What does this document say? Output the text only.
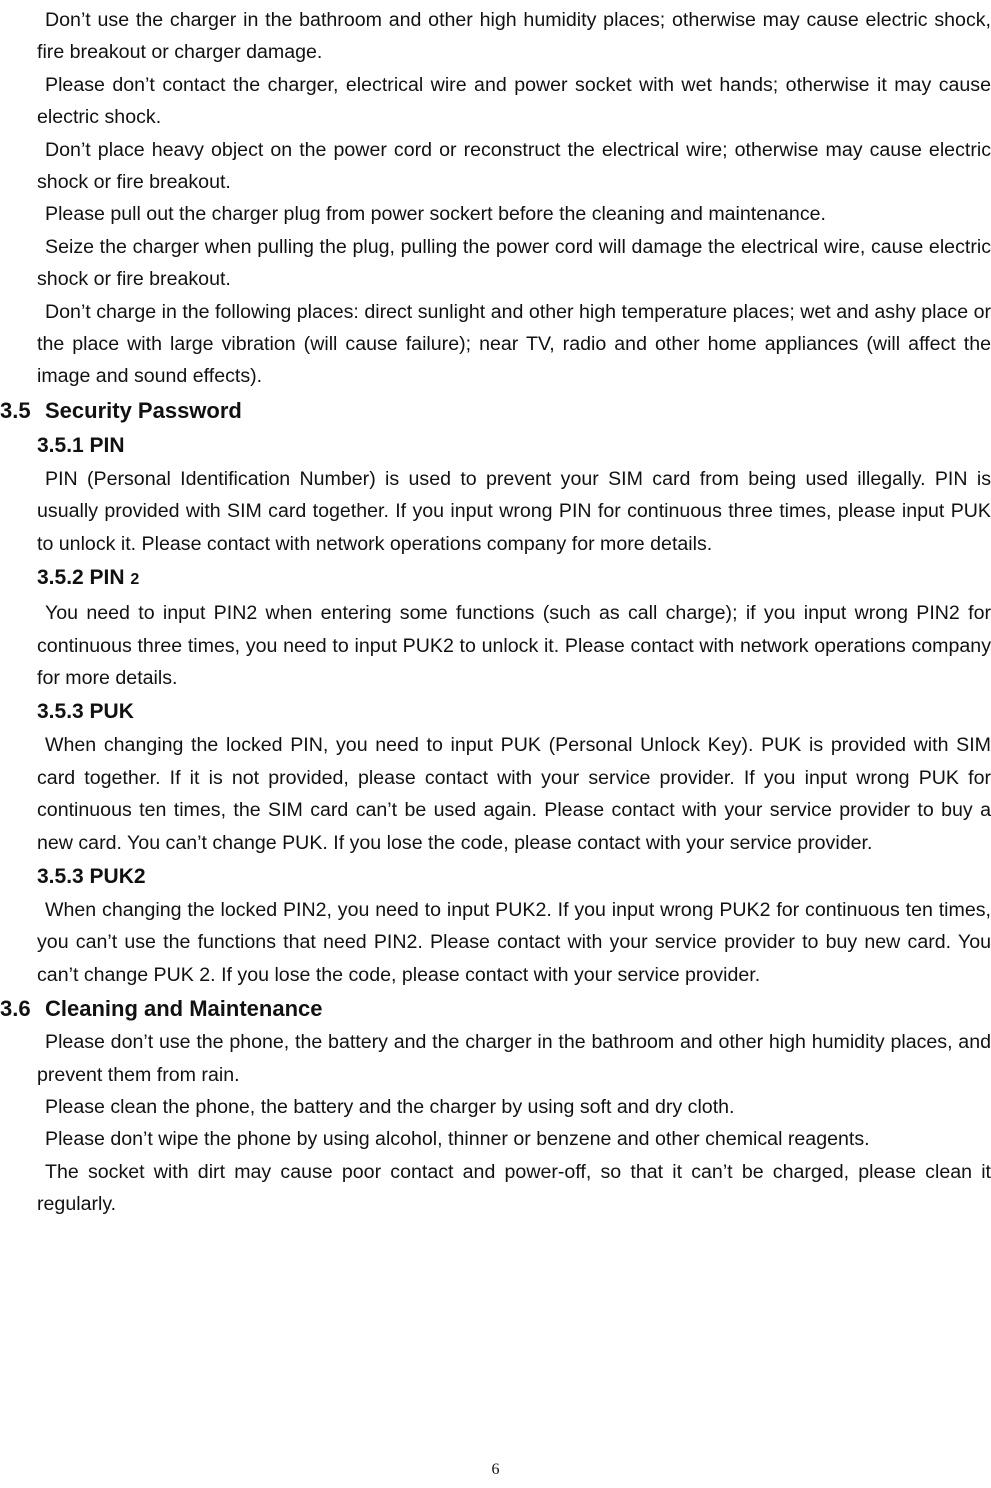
Don’t use the charger in the bathroom and other high humidity places; otherwise may cause electric shock, fire breakout or charger damage.

Please don’t contact the charger, electrical wire and power socket with wet hands; otherwise it may cause electric shock.

Don’t place heavy object on the power cord or reconstruct the electrical wire; otherwise may cause electric shock or fire breakout.

Please pull out the charger plug from power sockert before the cleaning and maintenance.

Seize the charger when pulling the plug, pulling the power cord will damage the electrical wire, cause electric shock or fire breakout.

Don’t charge in the following places: direct sunlight and other high temperature places; wet and ashy place or the place with large vibration (will cause failure); near TV, radio and other home appliances (will affect the image and sound effects).

3.5 Security Password
3.5.1 PIN

PIN (Personal Identification Number) is used to prevent your SIM card from being used illegally. PIN is usually provided with SIM card together. If you input wrong PIN for continuous three times, please input PUK to unlock it. Please contact with network operations company for more details.

3.5.2 PIN 2

You need to input PIN2 when entering some functions (such as call charge); if you input wrong PIN2 for continuous three times, you need to input PUK2 to unlock it. Please contact with network operations company for more details.

3.5.3 PUK

When changing the locked PIN, you need to input PUK (Personal Unlock Key). PUK is provided with SIM card together. If it is not provided, please contact with your service provider. If you input wrong PUK for continuous ten times, the SIM card can’t be used again. Please contact with your service provider to buy a new card. You can’t change PUK. If you lose the code, please contact with your service provider.

3.5.3 PUK2

When changing the locked PIN2, you need to input PUK2. If you input wrong PUK2 for continuous ten times, you can’t use the functions that need PIN2. Please contact with your service provider to buy new card. You can’t change PUK 2. If you lose the code, please contact with your service provider.

3.6 Cleaning and Maintenance

Please don’t use the phone, the battery and the charger in the bathroom and other high humidity places, and prevent them from rain.

Please clean the phone, the battery and the charger by using soft and dry cloth.

Please don’t wipe the phone by using alcohol, thinner or benzene and other chemical reagents.

The socket with dirt may cause poor contact and power-off, so that it can’t be charged, please clean it regularly.

6
